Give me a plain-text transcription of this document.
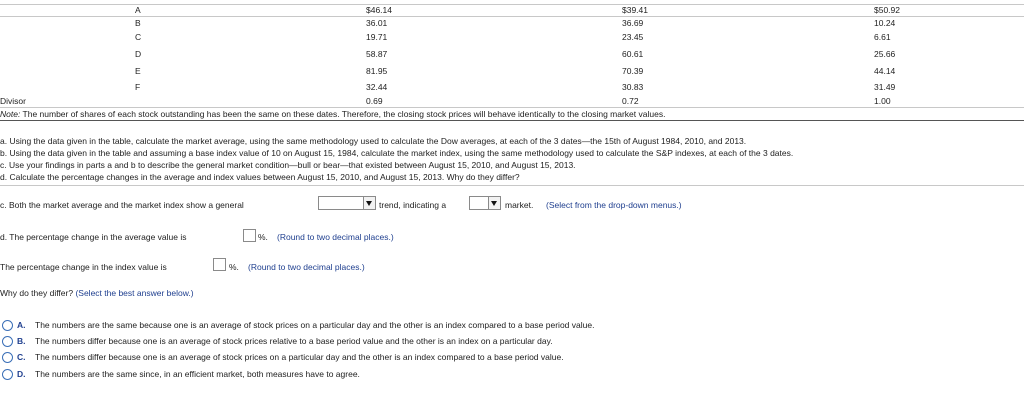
A	$46.14	$39.41	$50.92
B	36.01	36.69	10.24
C	19.71	23.45	6.61
D	58.87	60.61	25.66
E	81.95	70.39	44.14
F	32.44	30.83	31.49
Divisor	0.69	0.72	1.00
Note: The number of shares of each stock outstanding has been the same on these dates. Therefore, the closing stock prices will behave identically to the closing market values.
a. Using the data given in the table, calculate the market average, using the same methodology used to calculate the Dow averages, at each of the 3 dates—the 15th of August 1984, 2010, and 2013.
b. Using the data given in the table and assuming a base index value of 10 on August 15, 1984, calculate the market index, using the same methodology used to calculate the S&P indexes, at each of the 3 dates.
c. Use your findings in parts a and b to describe the general market condition—bull or bear—that existed between August 15, 2010, and August 15, 2013.
d. Calculate the percentage changes in the average and index values between August 15, 2010, and August 15, 2013. Why do they differ?
c. Both the market average and the market index show a general	trend, indicating a	market. (Select from the drop-down menus.)
d. The percentage change in the average value is	%. (Round to two decimal places.)
The percentage change in the index value is	%. (Round to two decimal places.)
Why do they differ? (Select the best answer below.)
A. The numbers are the same because one is an average of stock prices on a particular day and the other is an index compared to a base period value.
B. The numbers differ because one is an average of stock prices relative to a base period value and the other is an index on a particular day.
C. The numbers differ because one is an average of stock prices on a particular day and the other is an index compared to a base period value.
D. The numbers are the same since, in an efficient market, both measures have to agree.
